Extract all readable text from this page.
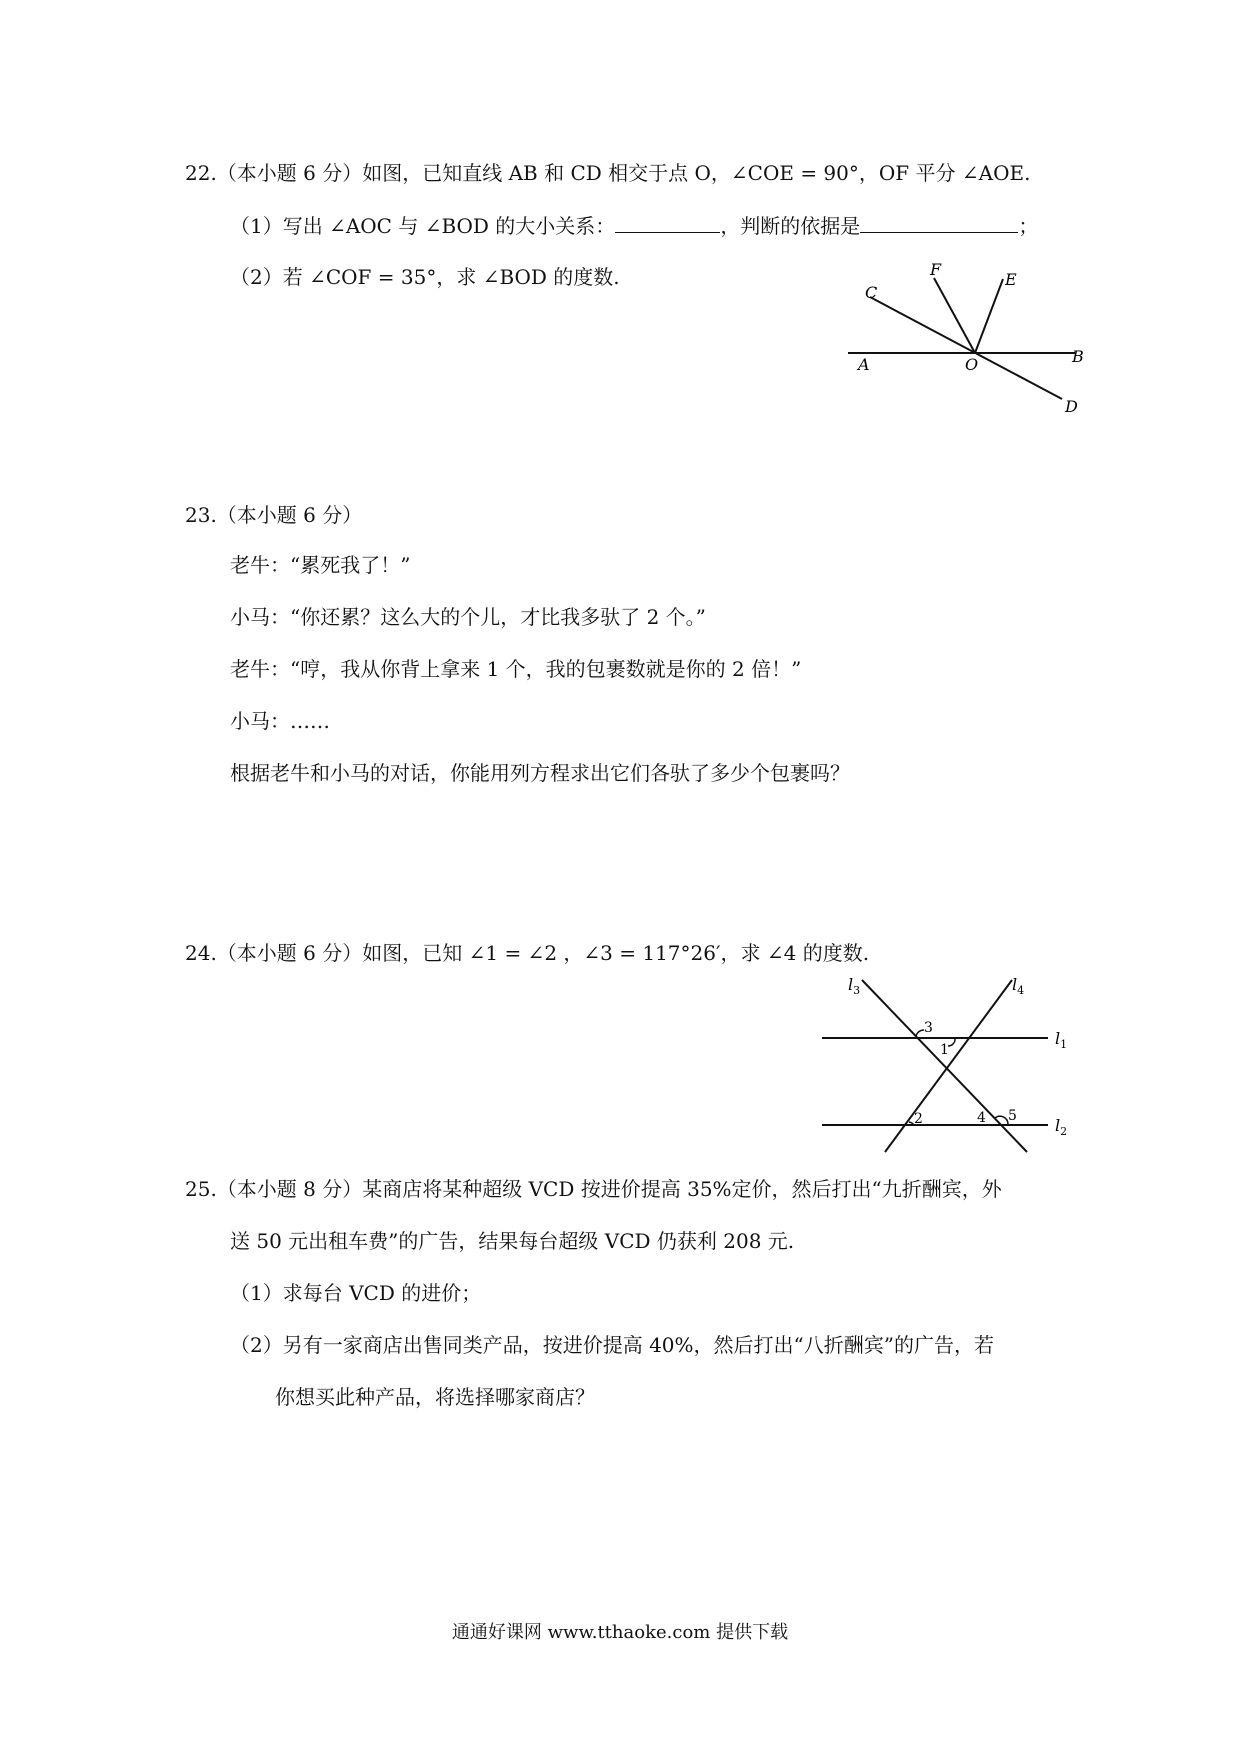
22.（本小题 6 分）如图，已知直线 AB 和 CD 相交于点 O，∠COE = 90°，OF 平分 ∠AOE.
（1）写出 ∠AOC 与 ∠BOD 的大小关系：	，判断的依据是	；
（2）若 ∠COF = 35°，求 ∠BOD 的度数.
C
F
E
A	O	B
D
23.（本小题 6 分）
老牛：“累死我了！”
小马：“你还累？这么大的个儿，才比我多驮了 2 个。”
老牛：“哼，我从你背上拿来 1 个，我的包裹数就是你的 2 倍！”
小马：……
根据老牛和小马的对话，你能用列方程求出它们各驮了多少个包裹吗？
24.（本小题 6 分）如图，已知 ∠1 = ∠2 ，∠3 = 117°26′，求 ∠4 的度数.
$l_3$	$l_4$
$l_1$
$l_2$
3
1
2	4 5
25.（本小题 8 分）某商店将某种超级 VCD 按进价提高 35%定价，然后打出“九折酬宾，外
送 50 元出租车费”的广告，结果每台超级 VCD 仍获利 208 元.
（1）求每台 VCD 的进价；
（2）另有一家商店出售同类产品，按进价提高 40%，然后打出“八折酬宾”的广告，若
你想买此种产品，将选择哪家商店？
通通好课网 www.tthaoke.com 提供下载
